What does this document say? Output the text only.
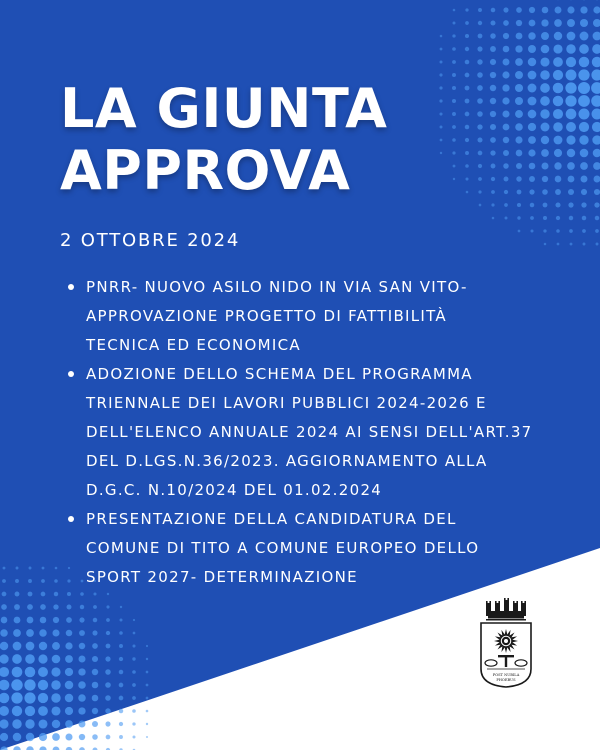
LA GIUNTA
APPROVA
2 OTTOBRE 2024
PNRR- NUOVO ASILO NIDO IN VIA SAN VITO-
APPROVAZIONE PROGETTO DI FATTIBILITÀ
TECNICA ED ECONOMICA
ADOZIONE DELLO SCHEMA DEL PROGRAMMA
TRIENNALE DEI LAVORI PUBBLICI 2024-2026 E
DELL'ELENCO ANNUALE 2024 AI SENSI DELL'ART.37
DEL D.LGS.N.36/2023. AGGIORNAMENTO ALLA
D.G.C. N.10/2024 DEL 01.02.2024
PRESENTAZIONE DELLA CANDIDATURA DEL
COMUNE DI TITO A COMUNE EUROPEO DELLO
SPORT 2027- DETERMINAZIONE
POST NUBILA
PHOEBUS
